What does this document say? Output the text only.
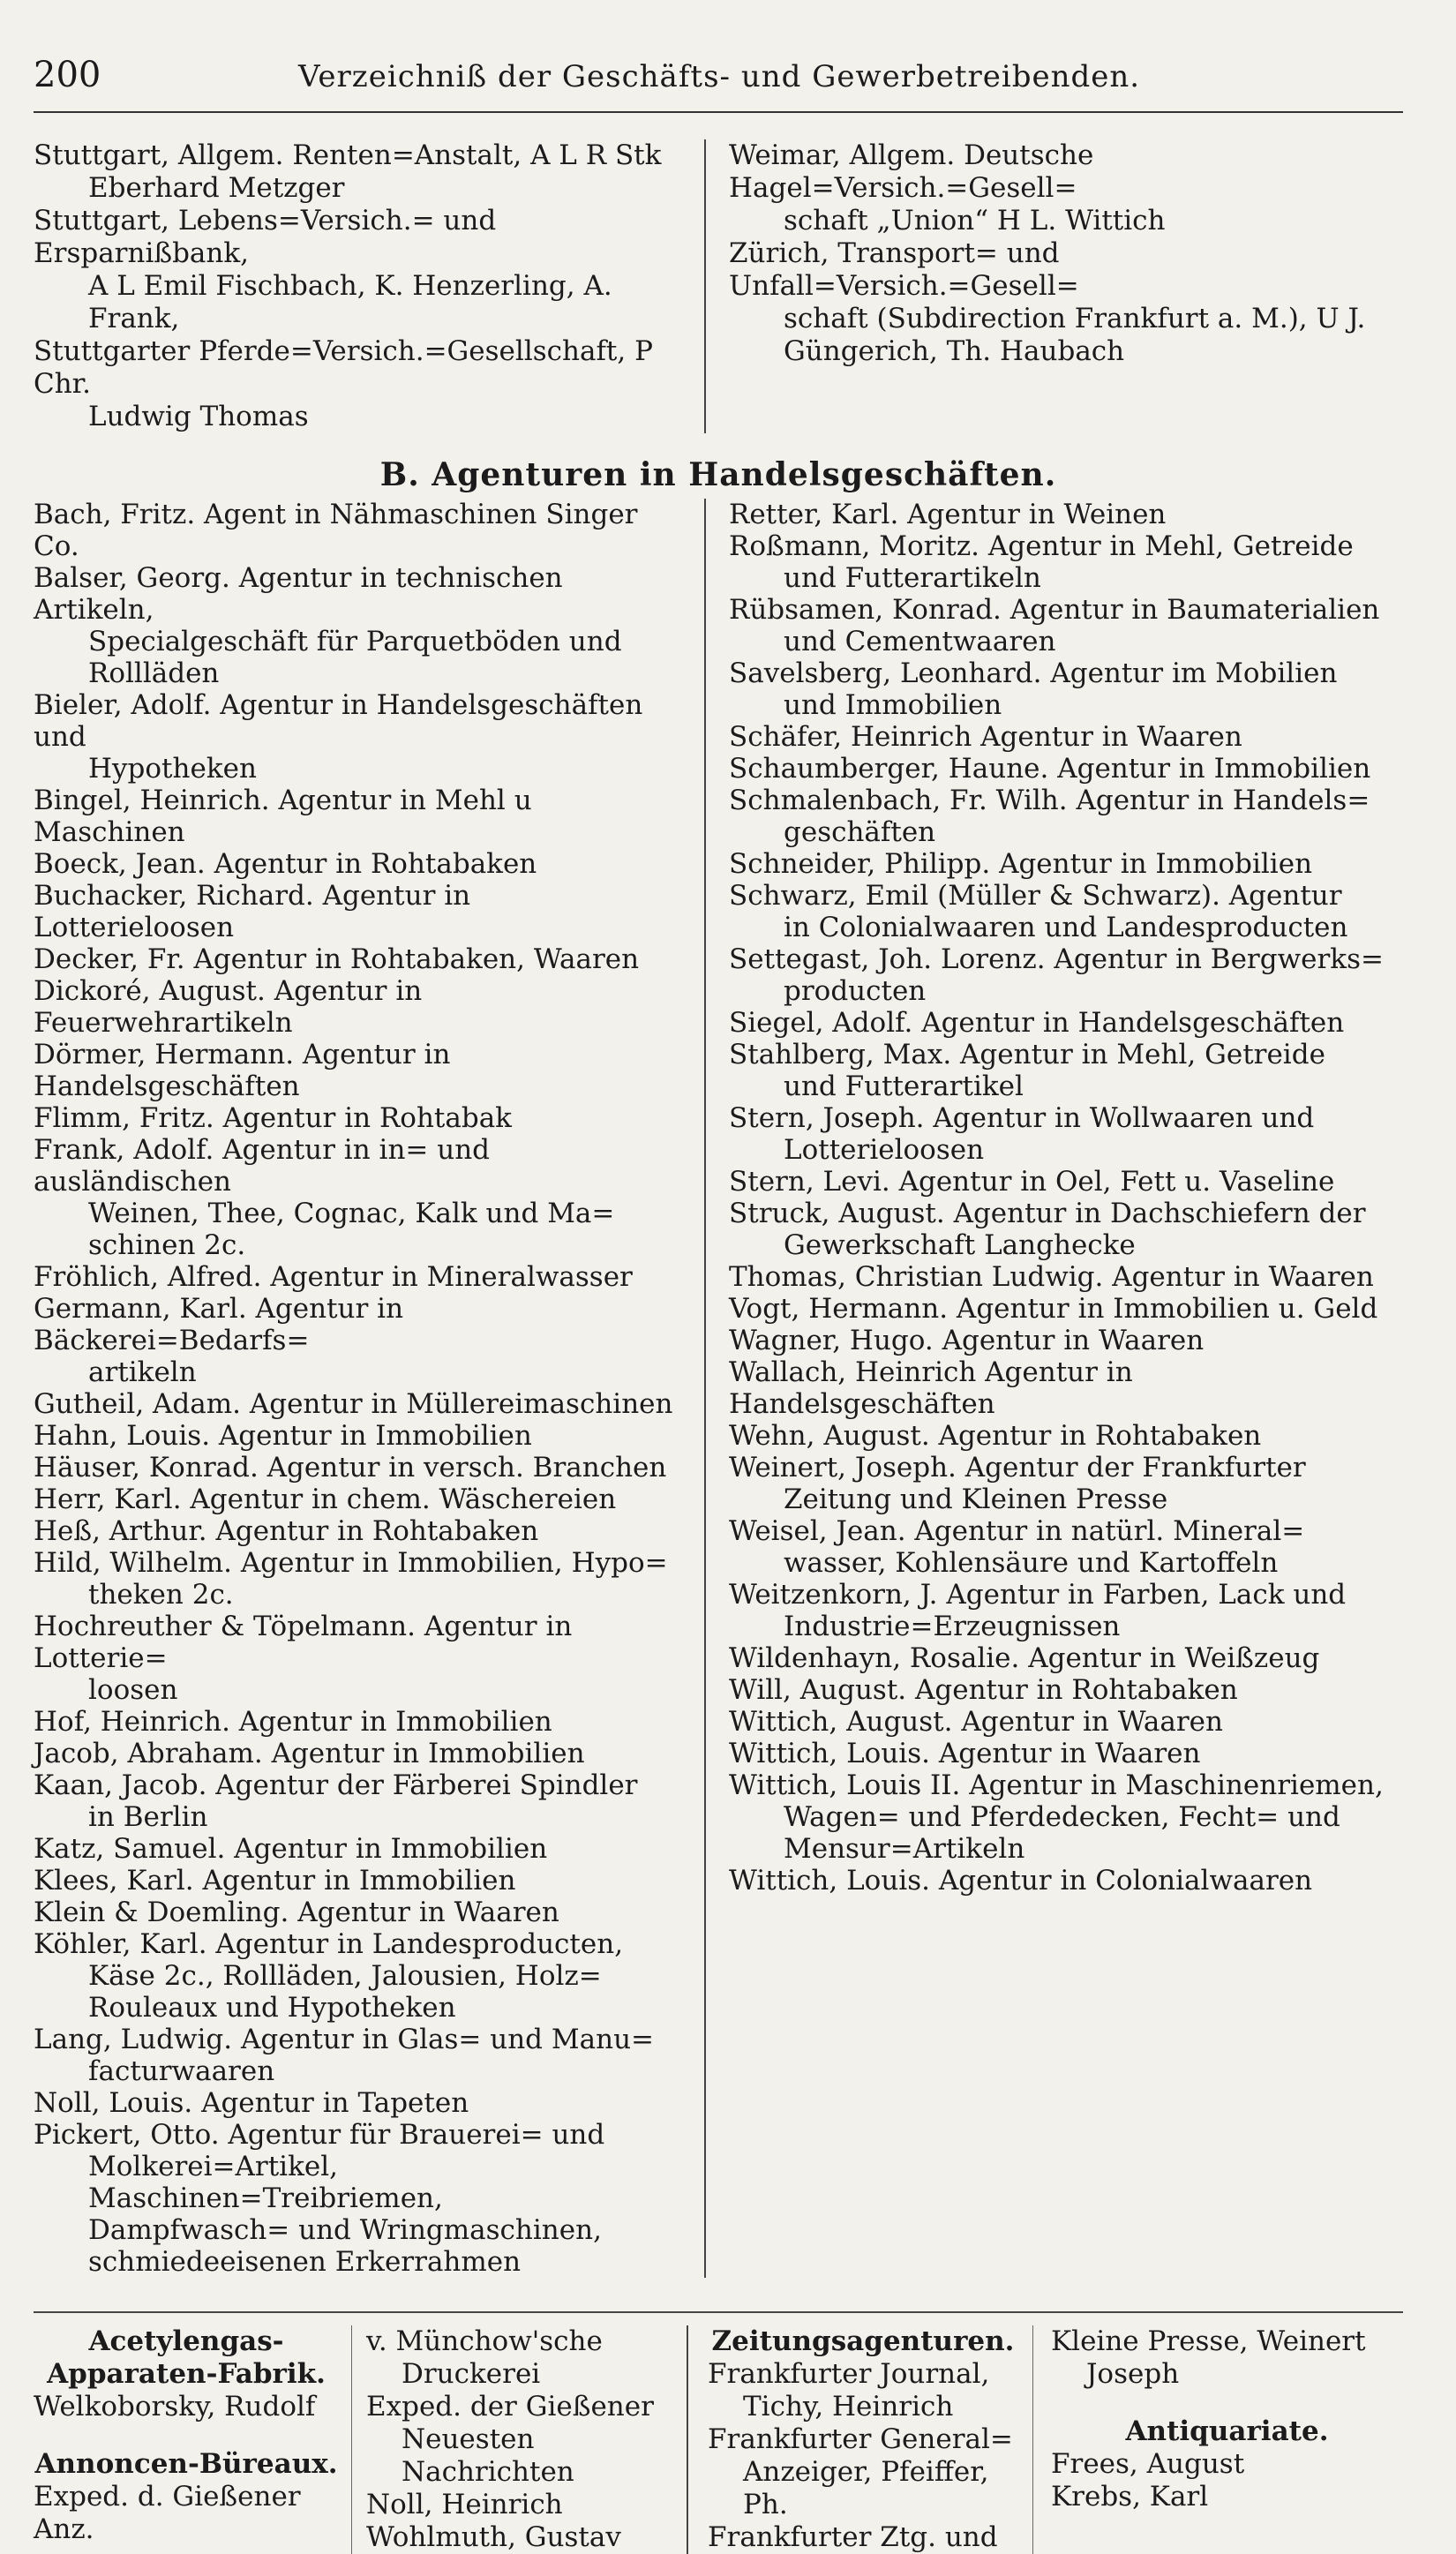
200	Verzeichniß der Geschäfts- und Gewerbetreibenden.

Stuttgart, Allgem. Renten=Anstalt, A L R Stk
Eberhard Metzger

Stuttgart, Lebens=Versich.= und Ersparnißbank,
A L Emil Fischbach, K. Henzerling, A. Frank,

Stuttgarter Pferde=Versich.=Gesellschaft, P Chr.
Ludwig Thomas

Weimar, Allgem. Deutsche Hagel=Versich.=Gesell=
schaft „Union“ H L. Wittich

Zürich, Transport= und Unfall=Versich.=Gesell=
schaft (Subdirection Frankfurt a. M.), U J.
Güngerich, Th. Haubach

B. Agenturen in Handelsgeschäften.

Bach, Fritz. Agent in Nähmaschinen Singer Co.

Balser, Georg. Agentur in technischen Artikeln,
Specialgeschäft für Parquetböden und
Rollläden

Bieler, Adolf. Agentur in Handelsgeschäften und
Hypotheken

Bingel, Heinrich. Agentur in Mehl u Maschinen

Boeck, Jean. Agentur in Rohtabaken

Buchacker, Richard. Agentur in Lotterieloosen

Decker, Fr. Agentur in Rohtabaken, Waaren

Dickoré, August. Agentur in Feuerwehrartikeln

Dörmer, Hermann. Agentur in Handelsgeschäften

Flimm, Fritz. Agentur in Rohtabak

Frank, Adolf. Agentur in in= und ausländischen
Weinen, Thee, Cognac, Kalk und Ma=
schinen 2c.

Fröhlich, Alfred. Agentur in Mineralwasser

Germann, Karl. Agentur in Bäckerei=Bedarfs=
artikeln

Gutheil, Adam. Agentur in Müllereimaschinen

Hahn, Louis. Agentur in Immobilien

Häuser, Konrad. Agentur in versch. Branchen

Herr, Karl. Agentur in chem. Wäschereien

Heß, Arthur. Agentur in Rohtabaken

Hild, Wilhelm. Agentur in Immobilien, Hypo=
theken 2c.

Hochreuther & Töpelmann. Agentur in Lotterie=
loosen

Hof, Heinrich. Agentur in Immobilien

Jacob, Abraham. Agentur in Immobilien

Kaan, Jacob. Agentur der Färberei Spindler
in Berlin

Katz, Samuel. Agentur in Immobilien

Klees, Karl. Agentur in Immobilien

Klein & Doemling. Agentur in Waaren

Köhler, Karl. Agentur in Landesproducten,
Käse 2c., Rollläden, Jalousien, Holz=
Rouleaux und Hypotheken

Lang, Ludwig. Agentur in Glas= und Manu=
facturwaaren

Noll, Louis. Agentur in Tapeten

Pickert, Otto. Agentur für Brauerei= und
Molkerei=Artikel, Maschinen=Treibriemen,
Dampfwasch= und Wringmaschinen,
schmiedeeisenen Erkerrahmen

Retter, Karl. Agentur in Weinen

Roßmann, Moritz. Agentur in Mehl, Getreide
und Futterartikeln

Rübsamen, Konrad. Agentur in Baumaterialien
und Cementwaaren

Savelsberg, Leonhard. Agentur im Mobilien
und Immobilien

Schäfer, Heinrich Agentur in Waaren

Schaumberger, Haune. Agentur in Immobilien

Schmalenbach, Fr. Wilh. Agentur in Handels=
geschäften

Schneider, Philipp. Agentur in Immobilien

Schwarz, Emil (Müller & Schwarz). Agentur
in Colonialwaaren und Landesproducten

Settegast, Joh. Lorenz. Agentur in Bergwerks=
producten

Siegel, Adolf. Agentur in Handelsgeschäften

Stahlberg, Max. Agentur in Mehl, Getreide
und Futterartikel

Stern, Joseph. Agentur in Wollwaaren und
Lotterieloosen

Stern, Levi. Agentur in Oel, Fett u. Vaseline

Struck, August. Agentur in Dachschiefern der
Gewerkschaft Langhecke

Thomas, Christian Ludwig. Agentur in Waaren

Vogt, Hermann. Agentur in Immobilien u. Geld

Wagner, Hugo. Agentur in Waaren

Wallach, Heinrich Agentur in Handelsgeschäften

Wehn, August. Agentur in Rohtabaken

Weinert, Joseph. Agentur der Frankfurter
Zeitung und Kleinen Presse

Weisel, Jean. Agentur in natürl. Mineral=
wasser, Kohlensäure und Kartoffeln

Weitzenkorn, J. Agentur in Farben, Lack und
Industrie=Erzeugnissen

Wildenhayn, Rosalie. Agentur in Weißzeug

Will, August. Agentur in Rohtabaken

Wittich, August. Agentur in Waaren

Wittich, Louis. Agentur in Waaren

Wittich, Louis II. Agentur in Maschinenriemen,
Wagen= und Pferdedecken, Fecht= und
Mensur=Artikeln

Wittich, Louis. Agentur in Colonialwaaren

Acetylengas-
Apparaten-Fabrik.
Welkoborsky, Rudolf
Annoncen-Büreaux.
Exped. d. Gießener Anz.
v. Münchow'sche
Druckerei
Exped. der Gießener
Neuesten Nachrichten
Noll, Heinrich
Wohlmuth, Gustav
Zeitungsagenturen.
Frankfurter Journal,
Tichy, Heinrich
Frankfurter General=
Anzeiger, Pfeiffer, Ph.
Frankfurter Ztg. und
Kleine Presse, Weinert
Joseph
Antiquariate.
Frees, August
Krebs, Karl
